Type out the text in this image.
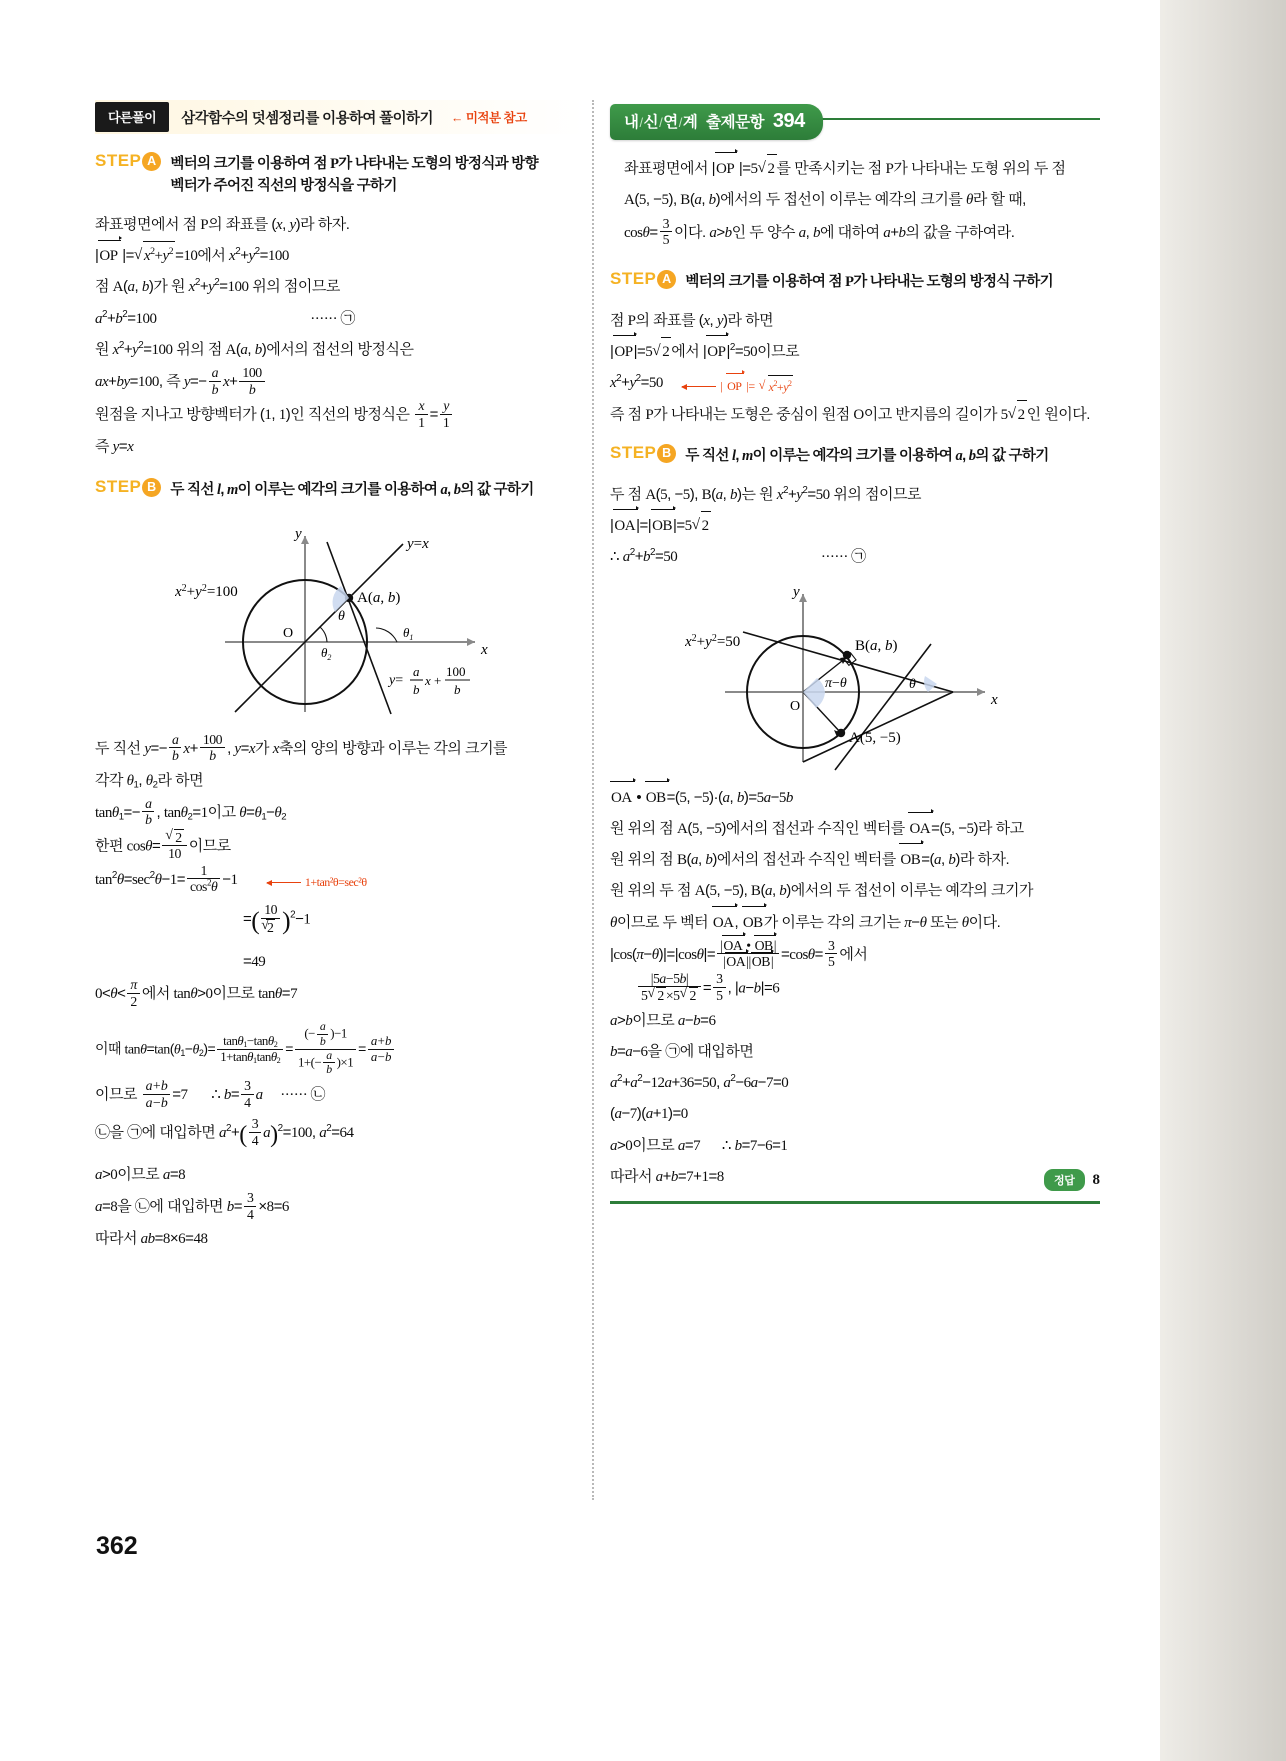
다른풀이	삼각함수의 덧셈정리를 이용하여 풀이하기 ← 미적분 참고
STEP A 벡터의 크기를 이용하여 점 P가 나타내는 도형의 방정식과 방향
벡터가 주어진 직선의 방정식을 구하기
좌표평면에서 점 P의 좌표를 (x, y)라 하자.
|OP |= √ $x^2+y^2 =10$에서 $x^2+y^2=100$
점 A(a, b)가 원 $x^2+y^2=100$ 위의 점이므로
$a^2+b^2=100$	······ ㉠
원 $x^2+y^2=100$ 위의 점 A(a, b)에서의 접선의 방정식은
ax+by=100, 즉 $y=- \frac{a}{b} x+ \frac{100}{b}$
원점을 지나고 방향벡터가 (1, 1)인 직선의 방정식은 $\frac{x}{1} = \frac{y}{1}$
즉 y=x
STEP B 두 직선 l, m이 이루는 예각의 크기를 이용하여 a, b의 값 구하기
x
y
y=x
A(a, b)
θ
O
$\theta_2$
$\theta_1$
$x^2+y^2=100$
y=
a
b
x +
100
b
두 직선 $y=- \frac{a}{b} x+ \frac{100}{b}$ , y=x가 x축의 양의 방향과 이루는 각의 크기를
각각 $\theta_1$, $\theta_2$라 하면
$\tan\theta_1=- \frac{a}{b}$ , tanθ$_2$=1이고 $\theta=\theta_1-\theta_2$
한편 cosθ= √ $\frac{2}{10}$ 이므로
$\tan^2\theta=\sec^2\theta-1= \frac{1}{\cos^2\theta} -1$	1+tan²θ=sec²θ
=( 10
√ 2 )$^2$−1
=49
$0<\theta< \frac{\pi}{2}$ 에서 tanθ>0이므로 tanθ=7
이때 $\tan\theta=\tan(\theta_1-\theta_2)= \frac{\tan\theta_1-\tan\theta_2}{1+\tan\theta_1\tan\theta_2} = \frac{(- \frac{a}{b} )-1}{1+(- \frac{a}{b} )\times 1} = \frac{a+b}{a-b}$
이므로 $\frac{a+b}{a-b} =7$ ∴ $b= \frac{3}{4}$ a ······ ㉡
㉡을 ㉠에 대입하면 $a^2+( \frac{3}{4} a)^2=100$, $a^2=64$
a>0이므로 a=8
a=8을 ㉡에 대입하면 $b= \frac{3}{4} \times 8=6$
따라서 ab=8×6=48
내/신/연/계 출제문항 394
좌표평면에서 |OP |=5 √ 2 를 만족시키는 점 P가 나타내는 도형 위의 두 점
A(5, −5), B(a, b)에서의 두 접선이 이루는 예각의 크기를 θ라 할 때,
$\cos\theta= \frac{3}{5}$ 이다. a>b인 두 양수 a, b에 대하여 a+b의 값을 구하여라.
STEP A 벡터의 크기를 이용하여 점 P가 나타내는 도형의 방정식 구하기
점 P의 좌표를 (x, y)라 하면
|OP|=5 √ 2 에서 $|OP|^2=50$이므로
$x^2+y^2=50$	| OP |=	√ $x^2+y^2$
즉 점 P가 나타내는 도형은 중심이 원점 O이고 반지름의 길이가 5 √ 2 인 원이다.
STEP B 두 직선 l, m이 이루는 예각의 크기를 이용하여 a, b의 값 구하기
두 점 A(5, −5), B(a, b)는 원 $x^2+y^2=50$ 위의 점이므로
|OA|=|OB|=5 √ 2
∴ $a^2+b^2=50$	······ ㉠
x
y
B(a, b)
A(5, −5)
π−θ
O
θ
$x^2+y^2=50$
OA • OB=(5, −5)·(a, b)=5a−5b
원 위의 점 A(5, −5)에서의 접선과 수직인 벡터를 OA=(5, −5)라 하고
원 위의 점 B(a, b)에서의 접선과 수직인 벡터를 OB=(a, b)라 하자.
원 위의 두 점 A(5, −5), B(a, b)에서의 두 접선이 이루는 예각의 크기가
θ이므로 두 벡터 OA, OB가 이루는 각의 크기는 π−θ 또는 θ이다.
$|\cos(\pi-\theta)|=|\cos\theta|= \frac{|OA • OB|}{|OA||OB|} =\cos\theta= \frac{3}{5}$ 에서
$\frac{|5a-5b|}{5 √ 2 \times 5 √ 2} = \frac{3}{5}$ , |a−b|=6
a>b이므로 a−b=6
b=a−6을 ㉠에 대입하면
$a^2+a^2-12a+36=50$, $a^2-6a-7=0$
(a−7)(a+1)=0
a>0이므로 a=7 ∴ b=7−6=1
따라서 a+b=7+1=8	정답	8
362
